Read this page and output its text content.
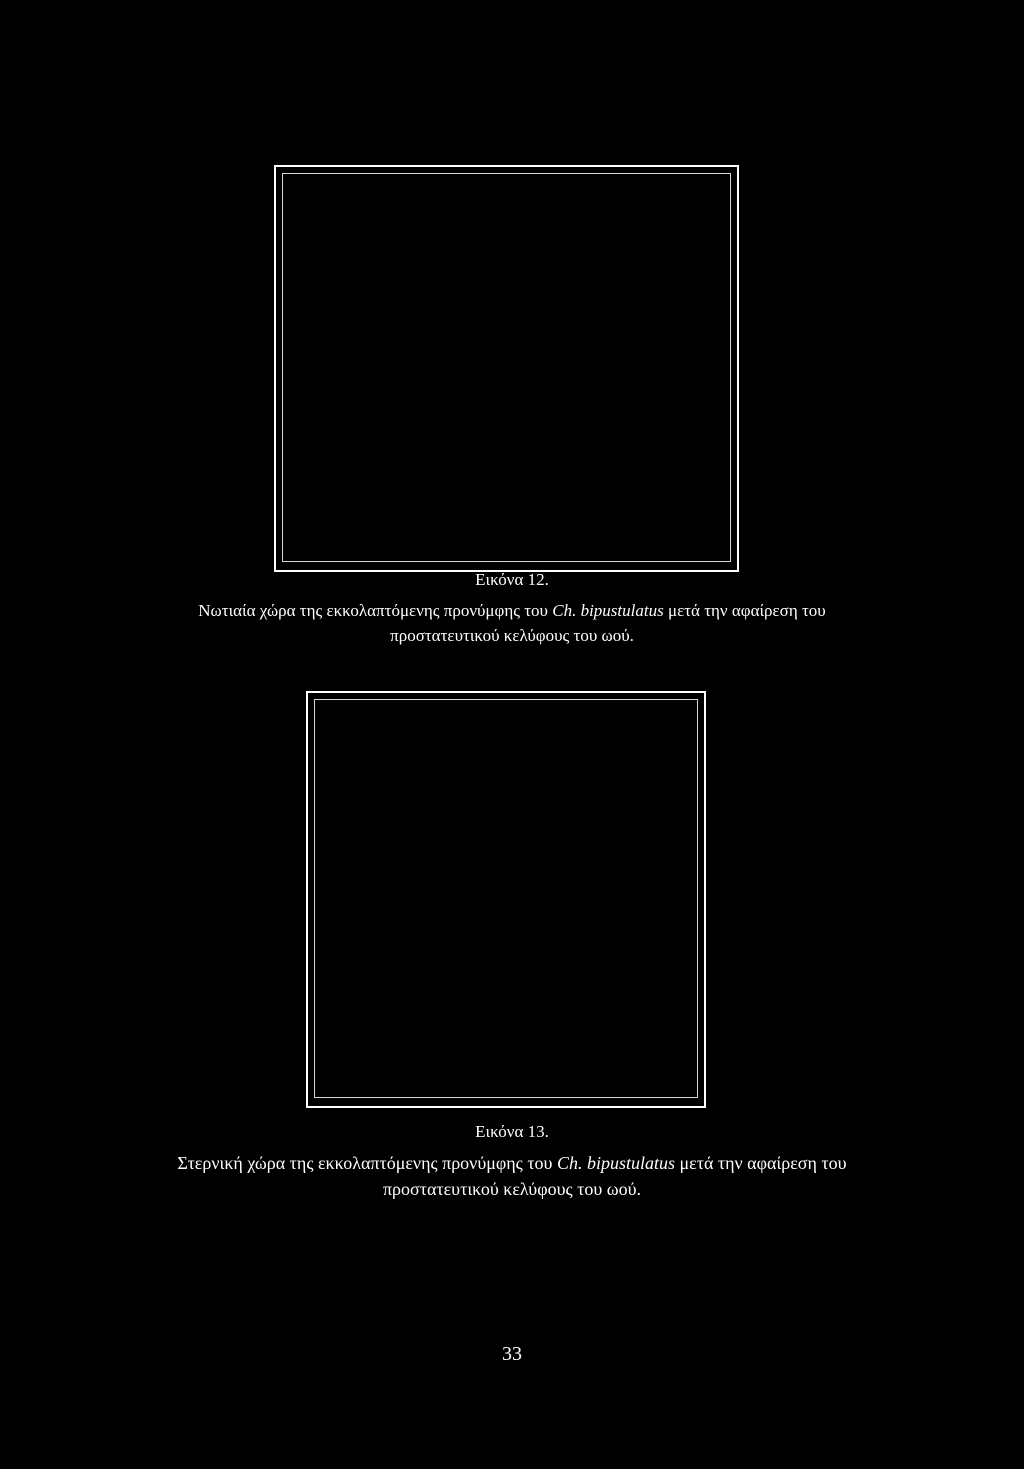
Εικόνα 12.
Νωτιαία χώρα της εκκολαπτόμενης προνύμφης του Ch. bipustulatus μετά την αφαίρεση του προστατευτικού κελύφους του ωού.
Εικόνα 13.
Στερνική χώρα της εκκολαπτόμενης προνύμφης του Ch. bipustulatus μετά την αφαίρεση του προστατευτικού κελύφους του ωού.
33
